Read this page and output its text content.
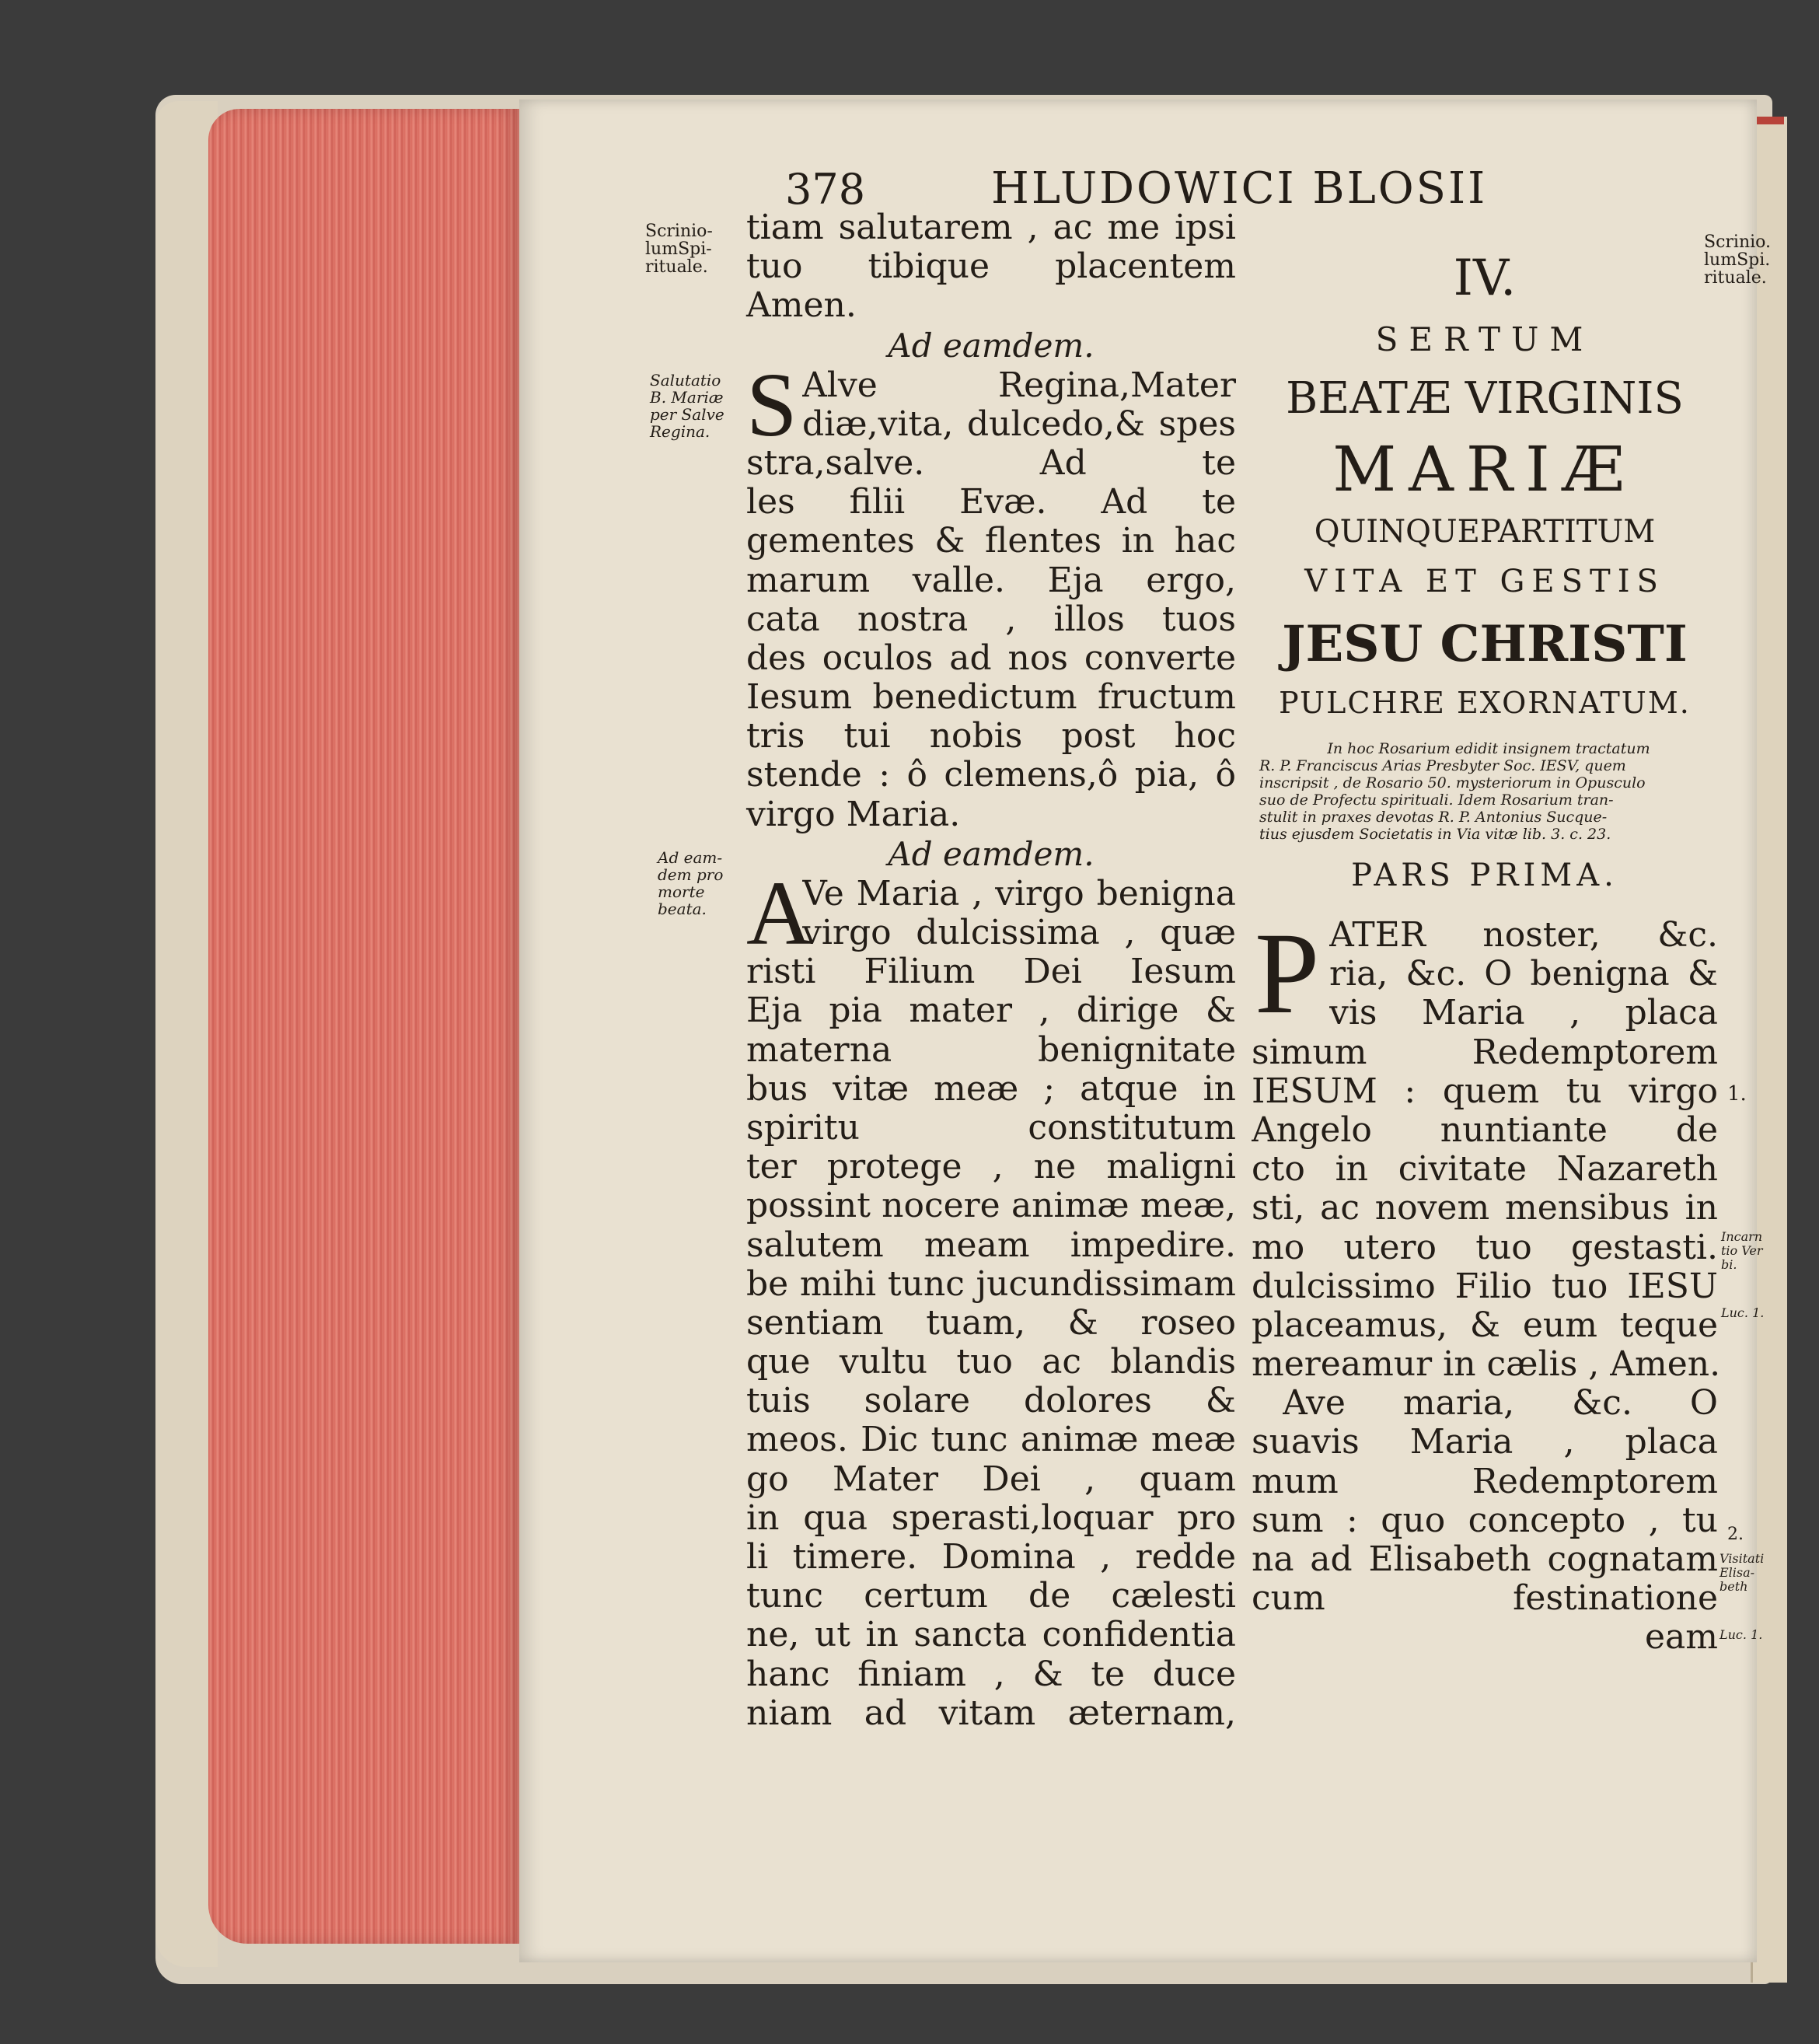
378	HLUDOWICI BLOSII
Scrinio-
lumSpi-
rituale.
Salutatio
B. Mariæ
per Salve
Regina.
Ad eam-
dem pro
morte
beata.
tiam salutarem , ac me ipsi
tuo tibique placentem
Amen.
Ad eamdem.
S Alve Regina,Mater
diæ,vita, dulcedo,& spes
stra,salve. Ad te
les filii Evæ. Ad te
gementes & flentes in hac
marum valle. Eja ergo,
cata nostra , illos tuos
des oculos ad nos converte
Iesum benedictum fructum
tris tui nobis post hoc
stende : ô clemens,ô pia, ô
virgo Maria.
Ad eamdem.
A
Ve Maria , virgo benigna
virgo dulcissima , quæ
risti Filium Dei Iesum
Eja pia mater , dirige &
materna benignitate
bus vitæ meæ ; atque in
spiritu constitutum
ter protege , ne maligni
possint nocere animæ meæ,
salutem meam impedire.
be mihi tunc jucundissimam
sentiam tuam, & roseo
que vultu tuo ac blandis
tuis solare dolores &
meos. Dic tunc animæ meæ
go Mater Dei , quam
in qua sperasti,loquar pro
li timere. Domina , redde
tunc certum de cælesti
ne, ut in sancta confidentia
hanc finiam , & te duce
niam ad vitam æternam,
IV.
SERTUM
BEATÆ VIRGINIS
MARIÆ
QUINQUEPARTITUM
VITA ET GESTIS
JESU CHRISTI
PULCHRE EXORNATUM.
In hoc Rosarium edidit insignem tractatum
R. P. Franciscus Arias Presbyter Soc. IESV, quem
inscripsit , de Rosario 50. mysteriorum in Opusculo
suo de Profectu spirituali. Idem Rosarium tran-
stulit in praxes devotas R. P. Antonius Sucque-
tius ejusdem Societatis in Via vitæ lib. 3. c. 23.
PARS PRIMA.
P ATER noster, &c.
ria, &c. O benigna &
vis Maria , placa
simum Redemptorem
IESUM : quem tu virgo
Angelo nuntiante de
cto in civitate Nazareth
sti, ac novem mensibus in
mo utero tuo gestasti.
dulcissimo Filio tuo IESU
placeamus, & eum teque
mereamur in cælis , Amen.
Ave maria, &c. O
suavis Maria , placa
mum Redemptorem
sum : quo concepto , tu
na ad Elisabeth cognatam
cum festinatione
eam
Scrinio.
lumSpi.
rituale.
1.
Incarn
tio Ver
bi.
Luc. 1.
2.
Visitati
Elisa-
beth
Luc. 1.
